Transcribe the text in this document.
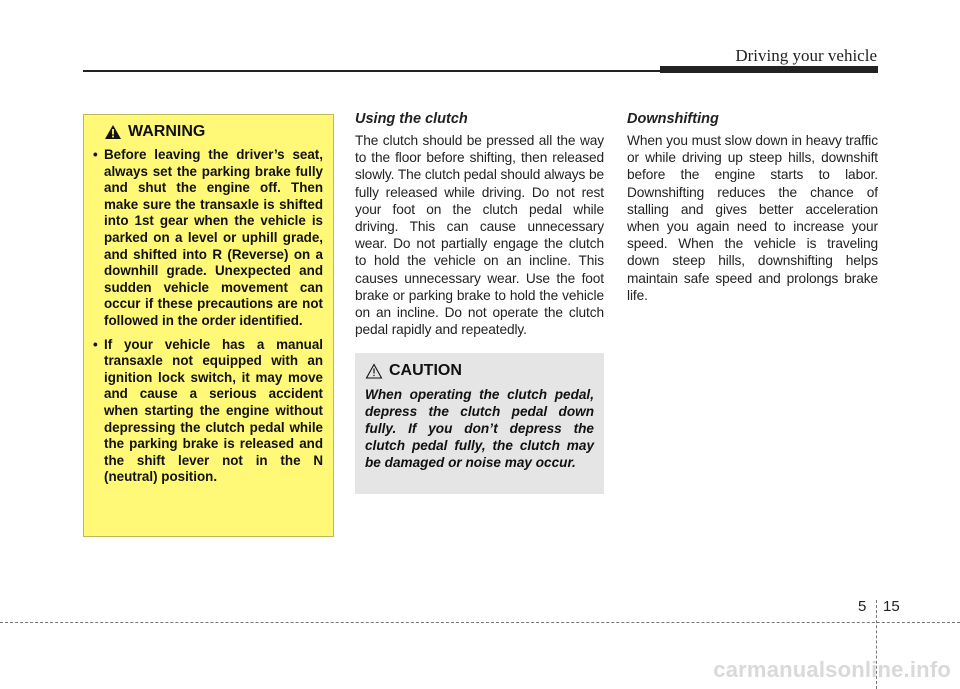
Driving your vehicle
WARNING
• Before leaving the driver’s seat, always set the parking brake fully and shut the engine off. Then make sure the transaxle is shifted into 1st gear when the vehicle is parked on a level or uphill grade, and shifted into R (Reverse) on a downhill grade. Unexpected and sudden vehicle movement can occur if these precautions are not followed in the order identified.
• If your vehicle has a manual transaxle not equipped with an ignition lock switch, it may move and cause a serious accident when starting the engine without depressing the clutch pedal while the parking brake is released and the shift lever not in the N (neutral) position.
Using the clutch

The clutch should be pressed all the way to the floor before shifting, then released slowly. The clutch pedal should always be fully released while driving. Do not rest your foot on the clutch pedal while driving. This can cause unnecessary wear. Do not partially engage the clutch to hold the vehicle on an incline. This causes unnecessary wear. Use the foot brake or parking brake to hold the vehicle on an incline. Do not operate the clutch pedal rapidly and repeatedly.

CAUTION

When operating the clutch pedal, depress the clutch pedal down fully. If you don’t depress the clutch pedal fully, the clutch may be damaged or noise may occur.

Downshifting

When you must slow down in heavy traffic or while driving up steep hills, downshift before the engine starts to labor. Downshifting reduces the chance of stalling and gives better acceleration when you again need to increase your speed. When the vehicle is traveling down steep hills, downshifting helps maintain safe speed and prolongs brake life.

5 15
carmanualsonline.info
